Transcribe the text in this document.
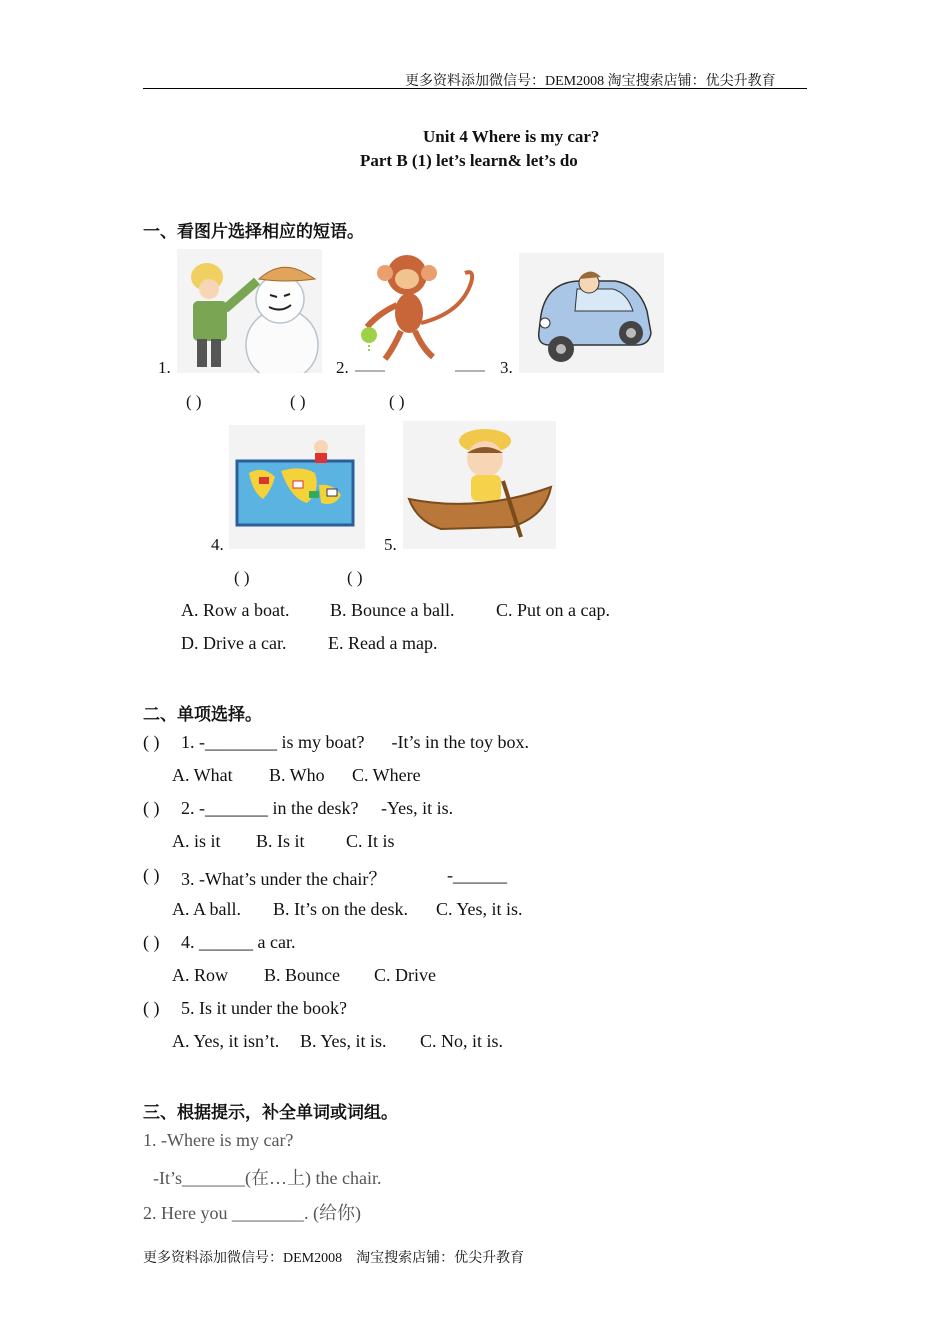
更多资料添加微信号：DEM2008 淘宝搜索店铺：优尖升教育
Unit 4 Where is my car?
Part B (1) let’s learn& let’s do
一、看图片选择相应的短语。
1.	2.	3.
( )	( )	( )
4.	5.
( )	( )
A. Row a boat. B. Bounce a ball. C. Put on a cap.
D. Drive a car. E. Read a map.
二、单项选择。
( ) 1. -________ is my boat?      -It’s in the toy box.
A. What B. Who C. Where
( ) 2. -_______ in the desk?     -Yes, it is.
A. is it B. Is it C. It is
( ) 3. -What’s under the chair？	-______
A. A ball. B. It’s on the desk. C. Yes, it is.
( ) 4. ______ a car.
A. Row B. Bounce C. Drive
( ) 5. Is it under the book?
A. Yes, it isn’t. B. Yes, it is. C. No, it is.
三、根据提示，补全单词或词组。
1. -Where is my car?
-It’s_______(在…上) the chair.
2. Here you ________. (给你)
更多资料添加微信号：DEM2008    淘宝搜索店铺：优尖升教育
